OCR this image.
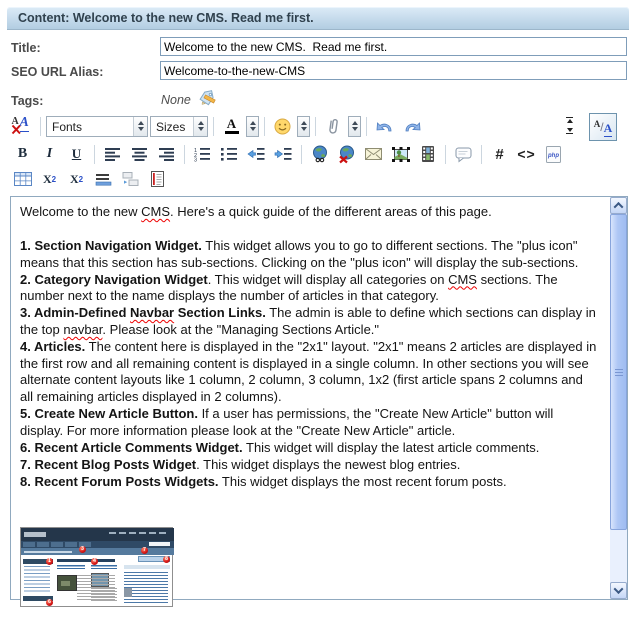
Content: Welcome to the new CMS. Read me first.
Title:
Welcome to the new CMS. Read me first.
SEO URL Alias:
Welcome-to-the-new-CMS
Tags:	None
A A	Fonts	Sizes	A	A / A
B I U	1
2
3	# <> php
X 2 X 2
Welcome to the new CMS. Here's a quick guide of the different areas of this page.

1. Section Navigation Widget. This widget allows you to go to different sections. The "plus icon" means that this section has sub-sections. Clicking on the "plus icon" will display the sub-sections.
2. Category Navigation Widget. This widget will display all categories on CMS sections. The number next to the name displays the number of articles in that category.
3. Admin-Defined Navbar Section Links. The admin is able to define which sections can display in the top navbar. Please look at the "Managing Sections Article."
4. Articles. The content here is displayed in the "2x1" layout. "2x1" means 2 articles are displayed in the first row and all remaining content is displayed in a single column. In other sections you will see alternate content layouts like 1 column, 2 column, 3 column, 1x2 (first article spans 2 columns and all remaining articles displayed in 2 columns).
5. Create New Article Button. If a user has permissions, the "Create New Article" button will display. For more information please look at the "Create New Article" article.
6. Recent Article Comments Widget. This widget will display the latest article comments.
7. Recent Blog Posts Widget. This widget displays the newest blog entries.
8. Recent Forum Posts Widgets. This widget displays the most recent forum posts.
3
1	4
7
8
6
